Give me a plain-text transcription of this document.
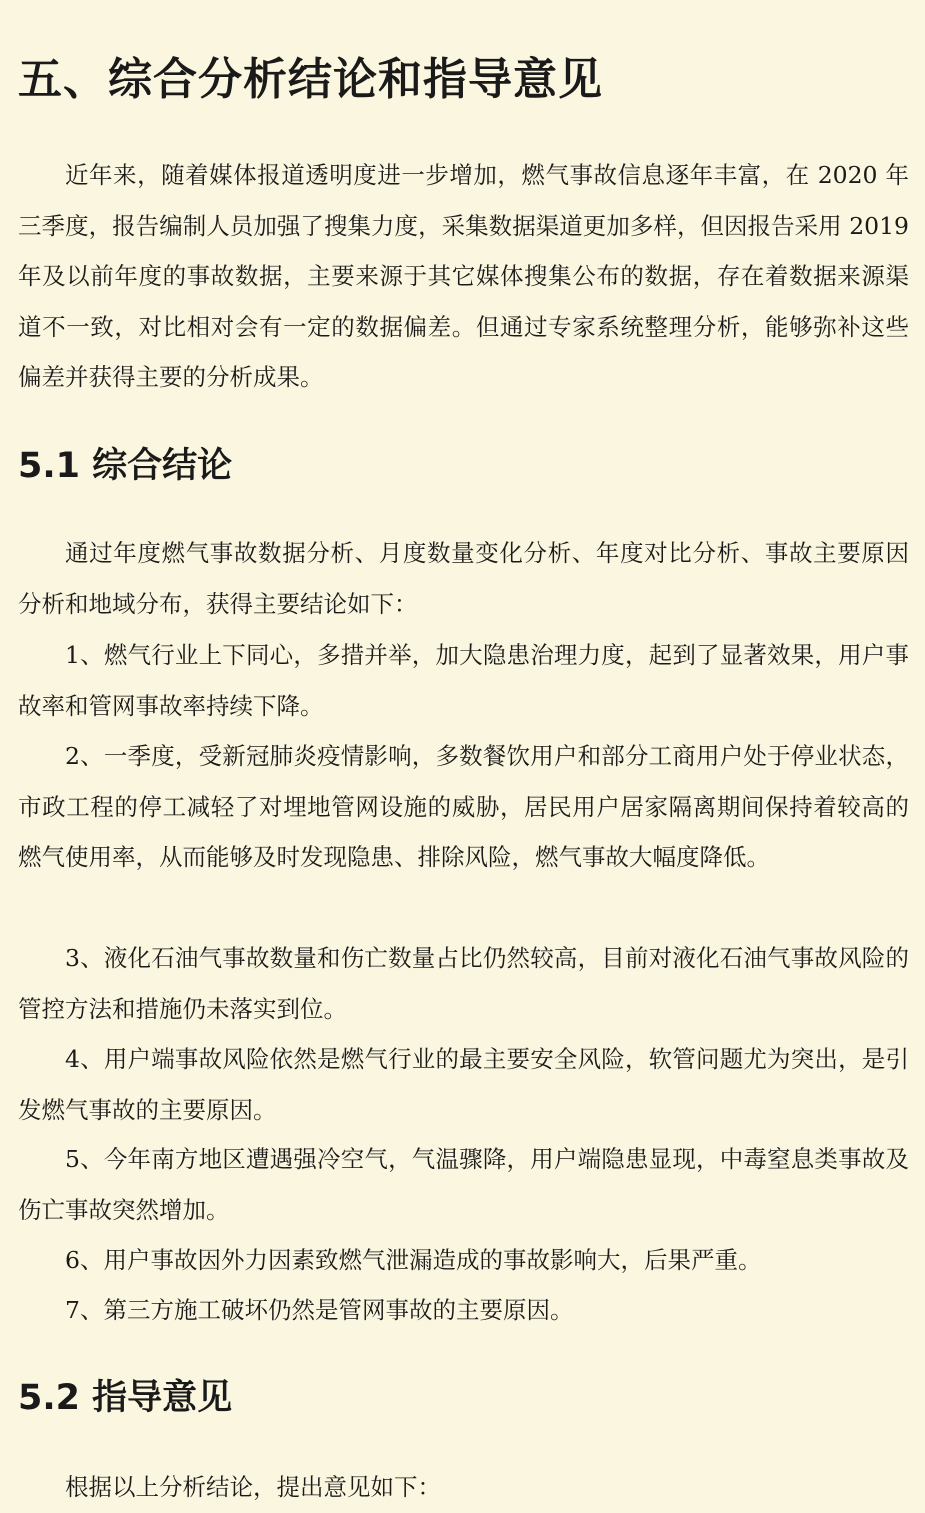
五、综合分析结论和指导意见

近年来，随着媒体报道透明度进一步增加，燃气事故信息逐年丰富，在 2020 年三季度，报告编制人员加强了搜集力度，采集数据渠道更加多样，但因报告采用 2019 年及以前年度的事故数据，主要来源于其它媒体搜集公布的数据，存在着数据来源渠道不一致，对比相对会有一定的数据偏差。但通过专家系统整理分析，能够弥补这些偏差并获得主要的分析成果。

5.1 综合结论

通过年度燃气事故数据分析、月度数量变化分析、年度对比分析、事故主要原因分析和地域分布，获得主要结论如下：

1、燃气行业上下同心，多措并举，加大隐患治理力度，起到了显著效果，用户事故率和管网事故率持续下降。

2、一季度，受新冠肺炎疫情影响，多数餐饮用户和部分工商用户处于停业状态，市政工程的停工减轻了对埋地管网设施的威胁，居民用户居家隔离期间保持着较高的燃气使用率，从而能够及时发现隐患、排除风险，燃气事故大幅度降低。

3、液化石油气事故数量和伤亡数量占比仍然较高，目前对液化石油气事故风险的管控方法和措施仍未落实到位。

4、用户端事故风险依然是燃气行业的最主要安全风险，软管问题尤为突出，是引发燃气事故的主要原因。

5、今年南方地区遭遇强冷空气，气温骤降，用户端隐患显现，中毒窒息类事故及伤亡事故突然增加。

6、用户事故因外力因素致燃气泄漏造成的事故影响大，后果严重。

7、第三方施工破坏仍然是管网事故的主要原因。

5.2 指导意见

根据以上分析结论，提出意见如下：
